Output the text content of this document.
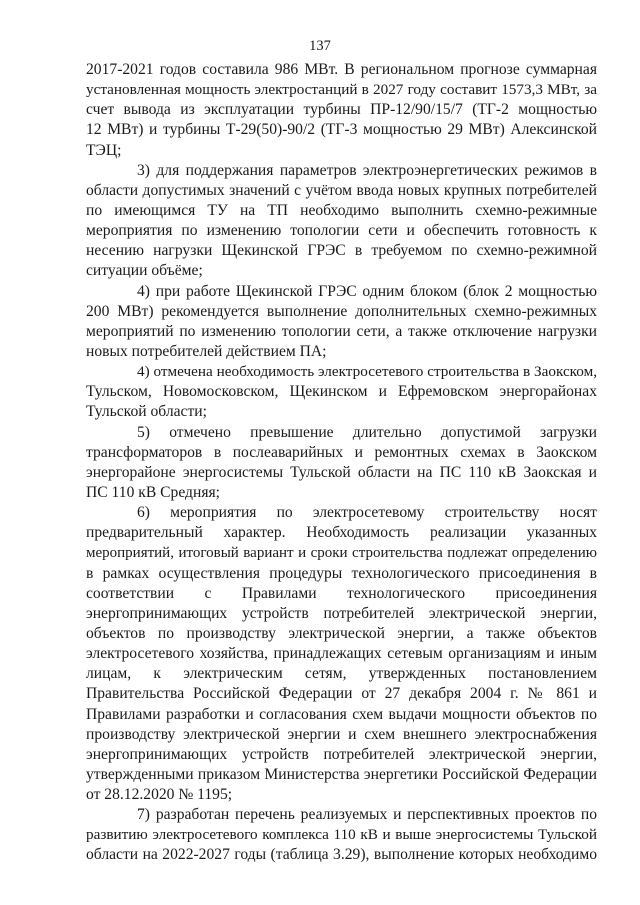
137
2017-2021 годов составила 986 МВт. В региональном прогнозе суммарная
установленная мощность электростанций в 2027 году составит 1573,3 МВт, за
счет вывода из эксплуатации турбины ПР-12/90/15/7 (ТГ-2 мощностью
12 МВт) и турбины Т-29(50)-90/2 (ТГ-3 мощностью 29 МВт) Алексинской
ТЭЦ;
3) для поддержания параметров электроэнергетических режимов в
области допустимых значений с учётом ввода новых крупных потребителей
по имеющимся ТУ на ТП необходимо выполнить схемно-режимные
мероприятия по изменению топологии сети и обеспечить готовность к
несению нагрузки Щекинской ГРЭС в требуемом по схемно-режимной
ситуации объёме;
4) при работе Щекинской ГРЭС одним блоком (блок 2 мощностью
200 МВт) рекомендуется выполнение дополнительных схемно-режимных
мероприятий по изменению топологии сети, а также отключение нагрузки
новых потребителей действием ПА;
4) отмечена необходимость электросетевого строительства в Заокском,
Тульском, Новомосковском, Щекинском и Ефремовском энергорайонах
Тульской области;
5) отмечено превышение длительно допустимой загрузки
трансформаторов в послеаварийных и ремонтных схемах в Заокском
энергорайоне энергосистемы Тульской области на ПС 110 кВ Заокская и
ПС 110 кВ Средняя;
6) мероприятия по электросетевому строительству носят
предварительный характер. Необходимость реализации указанных
мероприятий, итоговый вариант и сроки строительства подлежат определению
в рамках осуществления процедуры технологического присоединения в
соответствии с Правилами технологического присоединения
энергопринимающих устройств потребителей электрической энергии,
объектов по производству электрической энергии, а также объектов
электросетевого хозяйства, принадлежащих сетевым организациям и иным
лицам, к электрическим сетям, утвержденных постановлением
Правительства Российской Федерации от 27 декабря 2004 г. № 861 и
Правилами разработки и согласования схем выдачи мощности объектов по
производству электрической энергии и схем внешнего электроснабжения
энергопринимающих устройств потребителей электрической энергии,
утвержденными приказом Министерства энергетики Российской Федерации
от 28.12.2020 № 1195;
7) разработан перечень реализуемых и перспективных проектов по
развитию электросетевого комплекса 110 кВ и выше энергосистемы Тульской
области на 2022-2027 годы (таблица 3.29), выполнение которых необходимо
